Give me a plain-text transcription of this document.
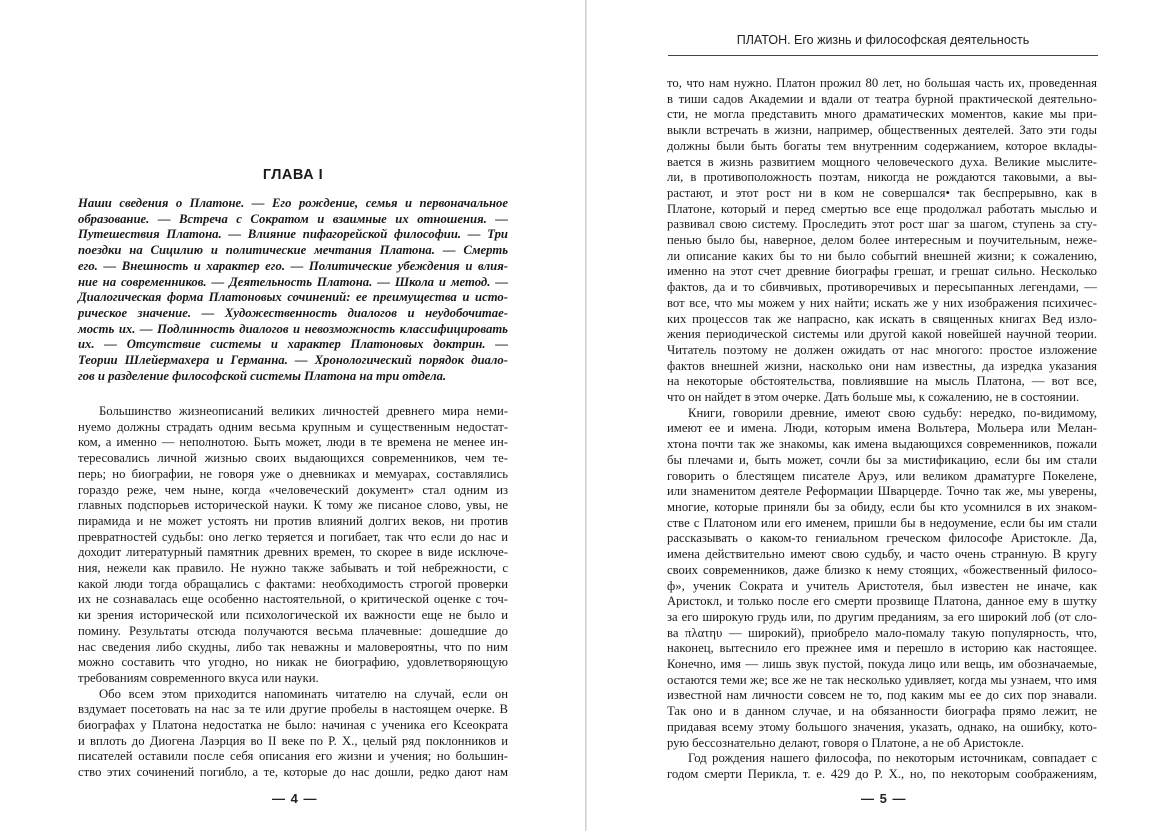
ГЛАВА I
Наши сведения о Платоне. — Его рождение, семья и первоначальное
образование. — Встреча с Сократом и взаимные их отношения. —
Путешествия Платона. — Влияние пифагорейской философии. — Три
поездки на Сицилию и политические мечтания Платона. — Смерть
его. — Внешность и характер его. — Политические убеждения и влия-
ние на современников. — Деятельность Платона. — Школа и метод. —
Диалогическая форма Платоновых сочинений: ее преимущества и исто-
рическое значение. — Художественность диалогов и неудобочитае-
мость их. — Подлинность диалогов и невозможность классифицировать
их. — Отсутствие системы и характер Платоновых доктрин. —
Теории Шлейермахера и Германна. — Хронологический порядок диало-
гов и разделение философской системы Платона на три отдела.
Большинство жизнеописаний великих личностей древнего мира неми-
нуемо должны страдать одним весьма крупным и существенным недостат-
ком, а именно — неполнотою. Быть может, люди в те времена не менее ин-
тересовались личной жизнью своих выдающихся современников, чем те-
перь; но биографии, не говоря уже о дневниках и мемуарах, составлялись
гораздо реже, чем ныне, когда «человеческий документ» стал одним из
главных подспорьев исторической науки. К тому же писаное слово, увы, не
пирамида и не может устоять ни против влияний долгих веков, ни против
превратностей судьбы: оно легко теряется и погибает, так что если до нас и
доходит литературный памятник древних времен, то скорее в виде исключе-
ния, нежели как правило. Не нужно также забывать и той небрежности, с
какой люди тогда обращались с фактами: необходимость строгой проверки
их не сознавалась еще особенно настоятельной, о критической оценке с точ-
ки зрения исторической или психологической их важности еще не было и
помину. Результаты отсюда получаются весьма плачевные: дошедшие до
нас сведения либо скудны, либо так неважны и маловероятны, что по ним
можно составить что угодно, но никак не биографию, удовлетворяющую
требованиям современного вкуса или науки.
Обо всем этом приходится напоминать читателю на случай, если он
вздумает посетовать на нас за те или другие пробелы в настоящем очерке. В
биографах у Платона недостатка не было: начиная с ученика его Ксеократа
и вплоть до Диогена Лаэрция во II веке по Р. Х., целый ряд поклонников и
писателей оставили после себя описания его жизни и учения; но большин-
ство этих сочинений погибло, а те, которые до нас дошли, редко дают нам
— 4 —
ПЛАТОН. Его жизнь и философская деятельность
то, что нам нужно. Платон прожил 80 лет, но большая часть их, проведенная
в тиши садов Академии и вдали от театра бурной практической деятельно-
сти, не могла представить много драматических моментов, какие мы при-
выкли встречать в жизни, например, общественных деятелей. Зато эти годы
должны были быть богаты тем внутренним содержанием, которое вклады-
вается в жизнь развитием мощного человеческого духа. Великие мыслите-
ли, в противоположность поэтам, никогда не рождаются таковыми, а вы-
растают, и этот рост ни в ком не совершался• так беспрерывно, как в
Платоне, который и перед смертью все еще продолжал работать мыслью и
развивал свою систему. Проследить этот рост шаг за шагом, ступень за сту-
пенью было бы, наверное, делом более интересным и поучительным, нежe-
ли описание каких бы то ни было событий внешней жизни; к сожалению,
именно на этот счет древние биографы грешат, и грешат сильно. Несколько
фактов, да и то сбивчивых, противоречивых и пересыпанных легендами, —
вот все, что мы можем у них найти; искать же у них изображения психичес-
ких процессов так же напрасно, как искать в священных книгах Вед изло-
жения периодической системы или другой какой новейшей научной теории.
Читатель поэтому не должен ожидать от нас многого: простое изложение
фактов внешней жизни, насколько они нам известны, да изредка указания
на некоторые обстоятельства, повлиявшие на мысль Платона, — вот все,
что он найдет в этом очерке. Дать больше мы, к сожалению, не в состоянии.
Книги, говорили древние, имеют свою судьбу: нередко, по-видимому,
имеют ее и имена. Люди, которым имена Вольтера, Мольера или Мелан-
хтона почти так же знакомы, как имена выдающихся современников, пожали
бы плечами и, быть может, сочли бы за мистификацию, если бы им стали
говорить о блестящем писателе Аруэ, или великом драматурге Покелене,
или знаменитом деятеле Реформации Шварцерде. Точно так же, мы уверены,
многие, которые приняли бы за обиду, если бы кто усомнился в их знаком-
стве с Платоном или его именем, пришли бы в недоумение, если бы им стали
рассказывать о каком-то гениальном греческом философе Аристокле. Да,
имена действительно имеют свою судьбу, и часто очень странную. В кругу
своих современников, даже близко к нему стоящих, «божественный филосо-
ф», ученик Сократа и учитель Аристотеля, был известен не иначе, как
Аристокл, и только после его смерти прозвище Платона, данное ему в шутку
за его широкую грудь или, по другим преданиям, за его широкий лоб (от сло-
ва πλατηυ — широкий), приобрело мало-помалу такую популярность, что,
наконец, вытеснило его прежнее имя и перешло в историю как настоящее.
Конечно, имя — лишь звук пустой, покуда лицо или вещь, им обозначаемые,
остаются теми же; все же не так несколько удивляет, когда мы узнаем, что имя
известной нам личности совсем не то, под каким мы ее до сих пор знавали.
Так оно и в данном случае, и на обязанности биографа прямо лежит, не
придавая всему этому большого значения, указать, однако, на ошибку, кото-
рую бессознательно делают, говоря о Платоне, а не об Аристокле.
Год рождения нашего философа, по некоторым источникам, совпадает с
годом смерти Перикла, т. е. 429 до Р. Х., но, по некоторым соображениям,
— 5 —
